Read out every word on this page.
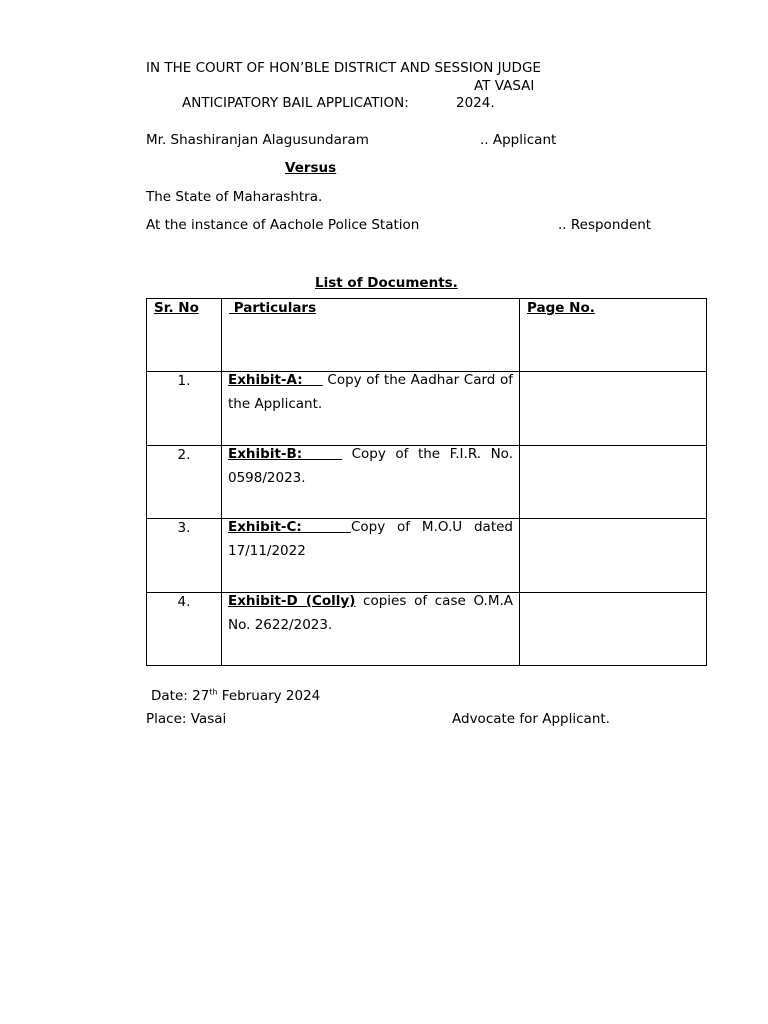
IN THE COURT OF HON’BLE DISTRICT AND SESSION JUDGE
AT VASAI
ANTICIPATORY BAIL APPLICATION:	2024.
Mr. Shashiranjan Alagusundaram	.. Applicant
Versus
The State of Maharashtra.
At the instance of Aachole Police Station	.. Respondent
List of Documents.
Sr. No	Particulars	Page No.

1.	Exhibit-A:     Copy of the Aadhar Card of the Applicant.	

2.	Exhibit-B:     Copy of the F.I.R. No. 0598/2023.	

3.	Exhibit-C:    Copy of M.O.U dated 17/11/2022	

4.	Exhibit-D (Colly) copies of case O.M.A No. 2622/2023.	

Date: 27th February 2024
Place: Vasai	Advocate for Applicant.
